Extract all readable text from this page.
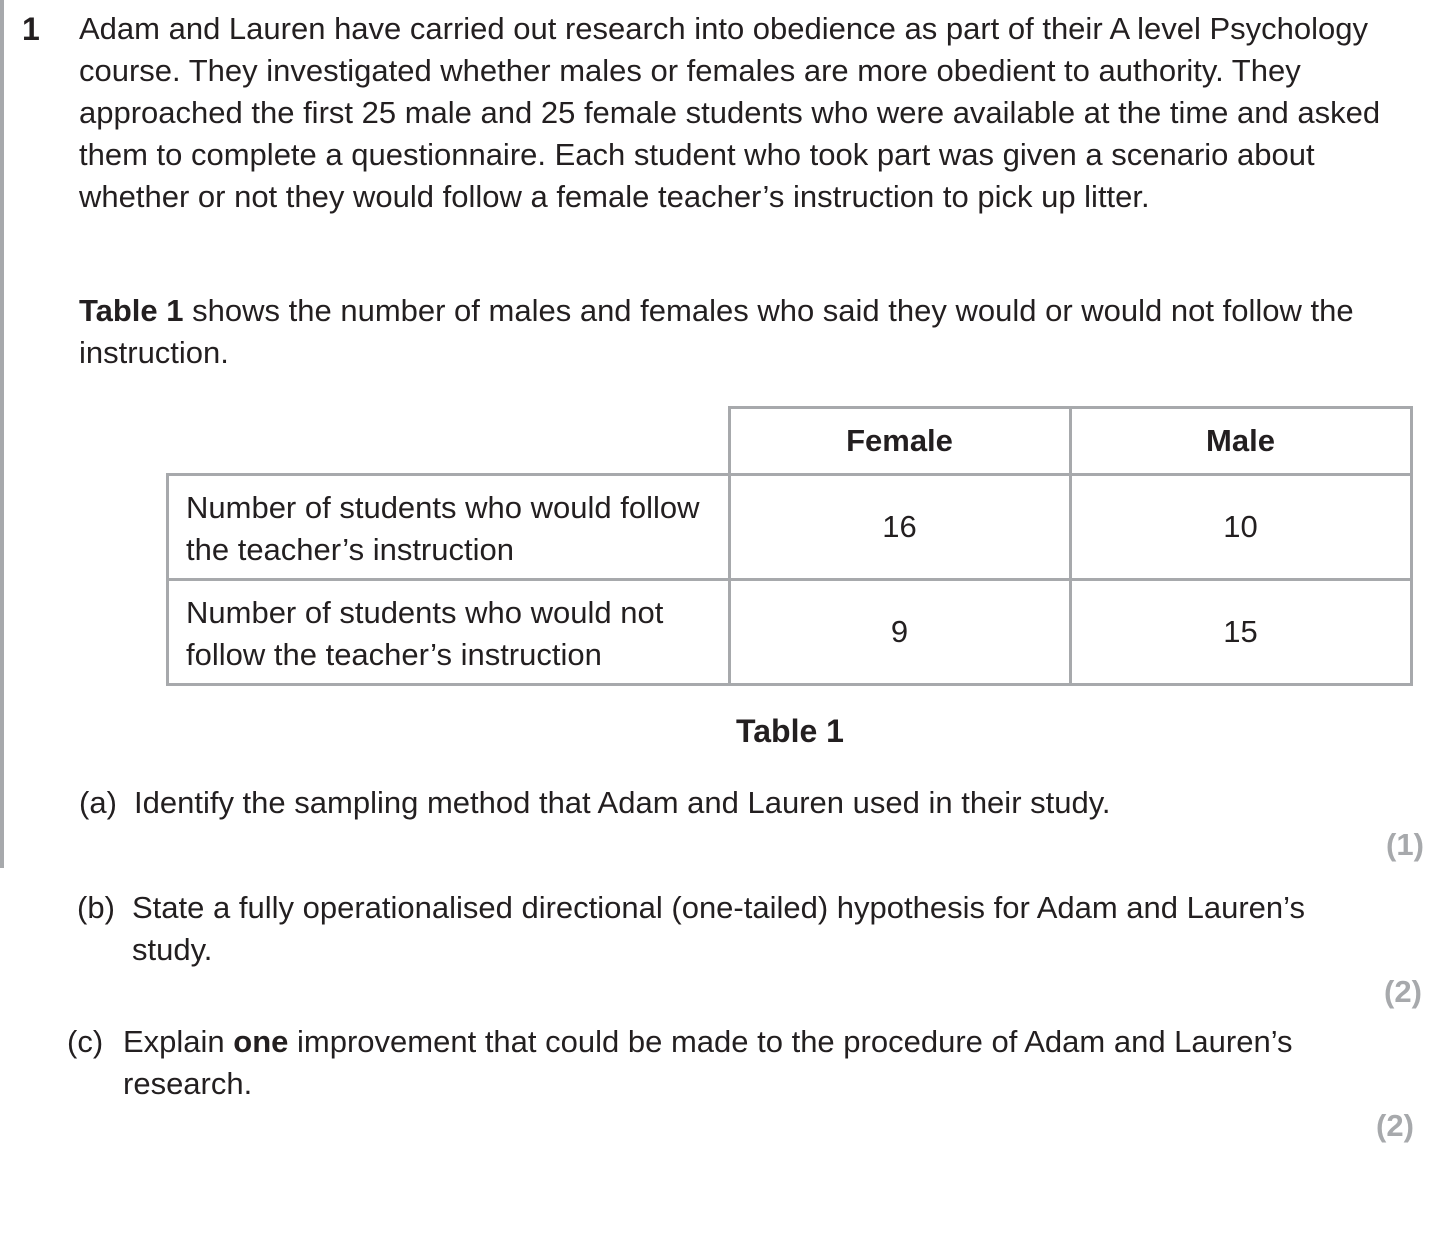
1 Adam and Lauren have carried out research into obedience as part of their A level Psychology course. They investigated whether males or females are more obedient to authority. They approached the first 25 male and 25 female students who were available at the time and asked them to complete a questionnaire. Each student who took part was given a scenario about whether or not they would follow a female teacher’s instruction to pick up litter.

Table 1 shows the number of males and females who said they would or would not follow the instruction.

	Female	Male
Number of students who would follow the teacher’s instruction	16	10
Number of students who would not follow the teacher’s instruction	9	15
Table 1
(a) Identify the sampling method that Adam and Lauren used in their study.
(1)
(b) State a fully operationalised directional (one-tailed) hypothesis for Adam and Lauren’s study.
(2)
(c) Explain one improvement that could be made to the procedure of Adam and Lauren’s research.
(2)
